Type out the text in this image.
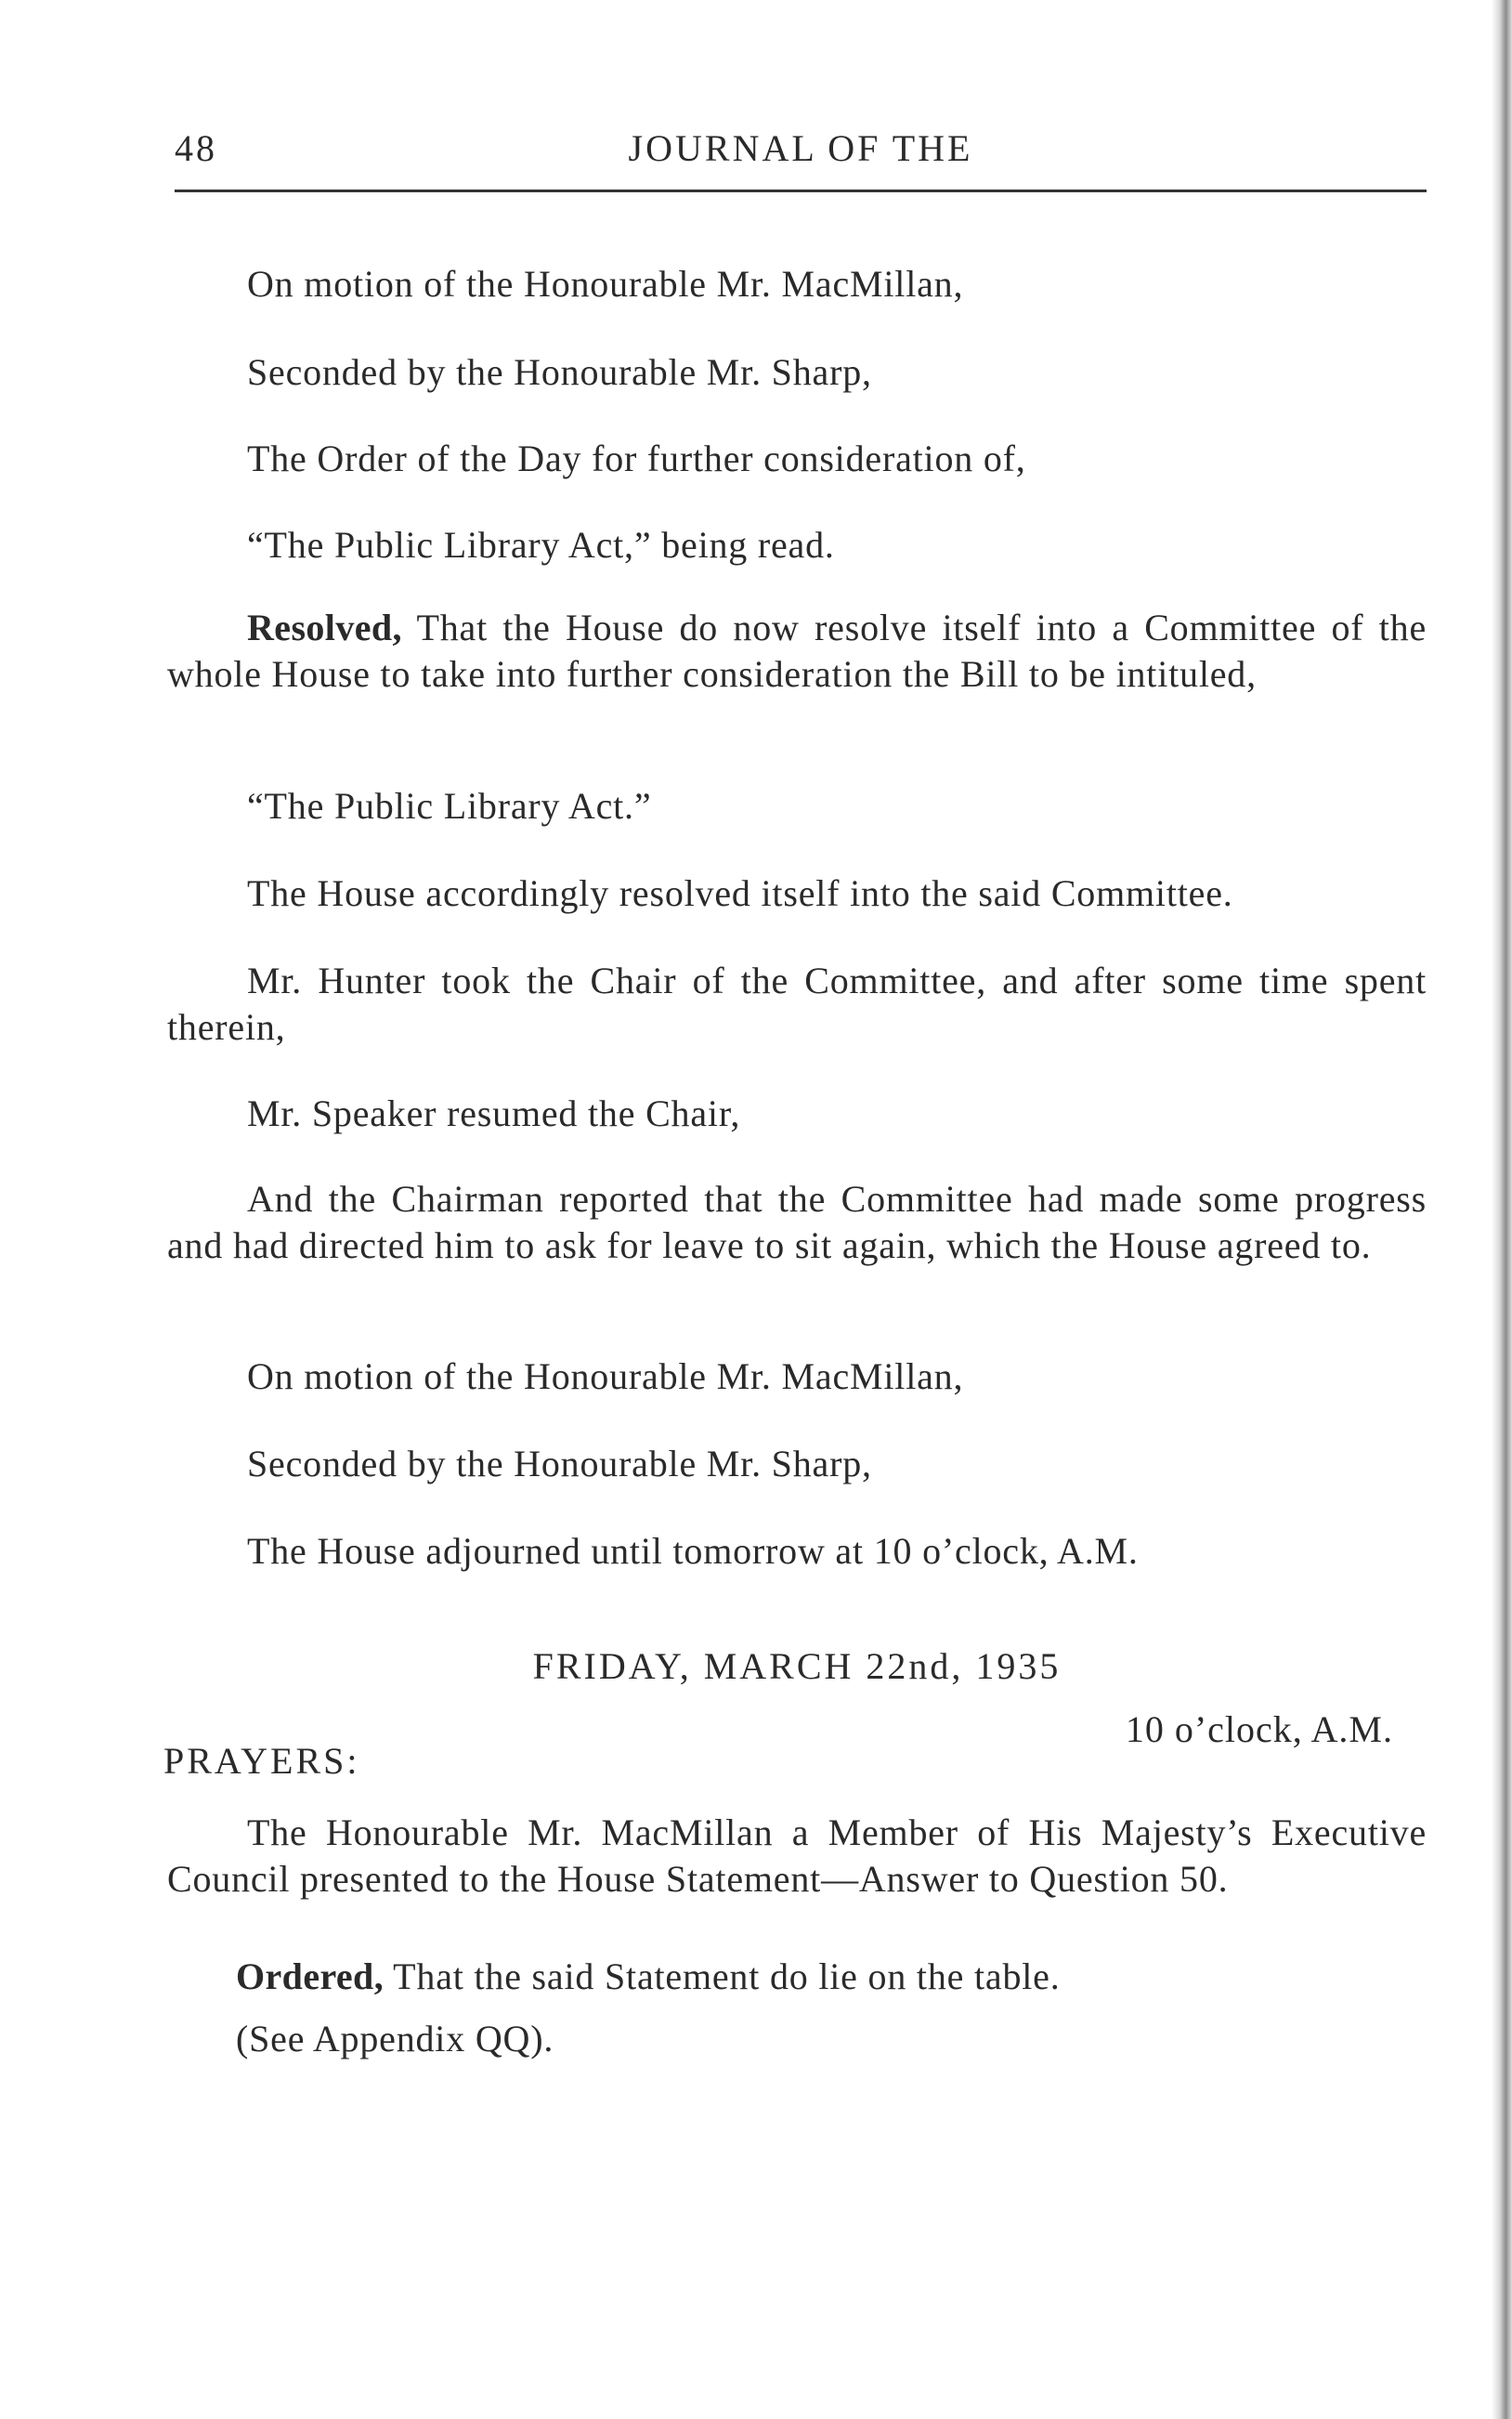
48	JOURNAL OF THE

On motion of the Honourable Mr. MacMillan,

Seconded by the Honourable Mr. Sharp,

The Order of the Day for further consideration of,

“The Public Library Act,” being read.

Resolved, That the House do now resolve itself into a Committee of the whole House to take into further consideration the Bill to be intituled,

“The Public Library Act.”

The House accordingly resolved itself into the said Committee.

Mr. Hunter took the Chair of the Committee, and after some time spent therein,

Mr. Speaker resumed the Chair,

And the Chairman reported that the Committee had made some progress and had directed him to ask for leave to sit again, which the House agreed to.

On motion of the Honourable Mr. MacMillan,

Seconded by the Honourable Mr. Sharp,

The House adjourned until tomorrow at 10 o’clock, A.M.

FRIDAY, MARCH 22nd, 1935
10 o’clock, A.M.
PRAYERS:

The Honourable Mr. MacMillan a Member of His Majesty’s Executive Council presented to the House Statement—Answer to Question 50.

Ordered, That the said Statement do lie on the table.

(See Appendix QQ).
